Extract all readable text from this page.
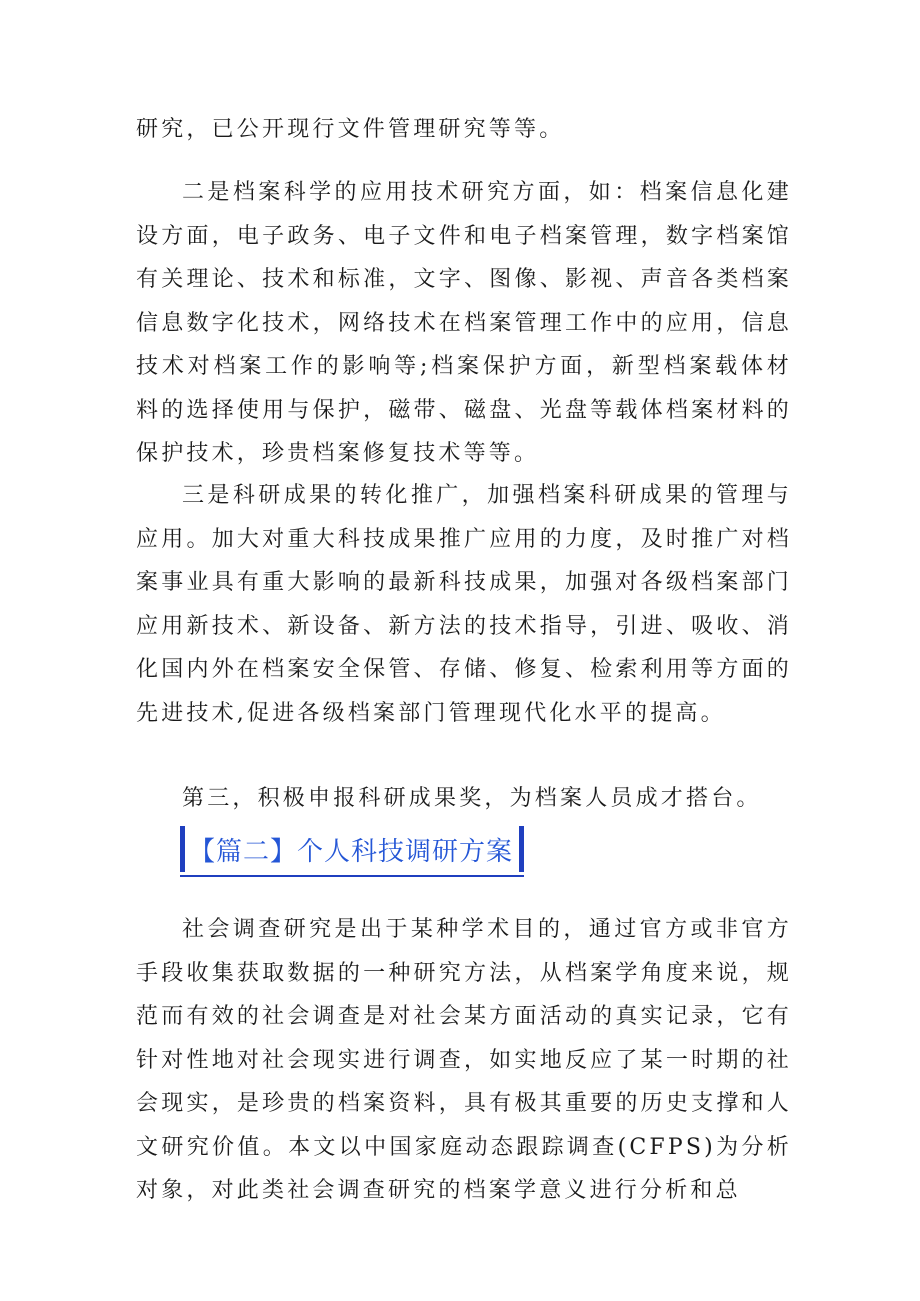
研究，已公开现行文件管理研究等等。

二是档案科学的应用技术研究方面，如：档案信息化建设方面，电子政务、电子文件和电子档案管理，数字档案馆有关理论、技术和标准，文字、图像、影视、声音各类档案信息数字化技术，网络技术在档案管理工作中的应用，信息技术对档案工作的影响等;档案保护方面，新型档案载体材料的选择使用与保护，磁带、磁盘、光盘等载体档案材料的保护技术，珍贵档案修复技术等等。

三是科研成果的转化推广，加强档案科研成果的管理与应用。加大对重大科技成果推广应用的力度，及时推广对档案事业具有重大影响的最新科技成果，加强对各级档案部门应用新技术、新设备、新方法的技术指导，引进、吸收、消化国内外在档案安全保管、存储、修复、检索利用等方面的先进技术,促进各级档案部门管理现代化水平的提高。

第三，积极申报科研成果奖，为档案人员成才搭台。

【篇二】个人科技调研方案

社会调查研究是出于某种学术目的，通过官方或非官方手段收集获取数据的一种研究方法，从档案学角度来说，规范而有效的社会调查是对社会某方面活动的真实记录，它有针对性地对社会现实进行调查，如实地反应了某一时期的社会现实，是珍贵的档案资料，具有极其重要的历史支撑和人文研究价值。本文以中国家庭动态跟踪调查(CFPS)为分析对象，对此类社会调查研究的档案学意义进行分析和总
